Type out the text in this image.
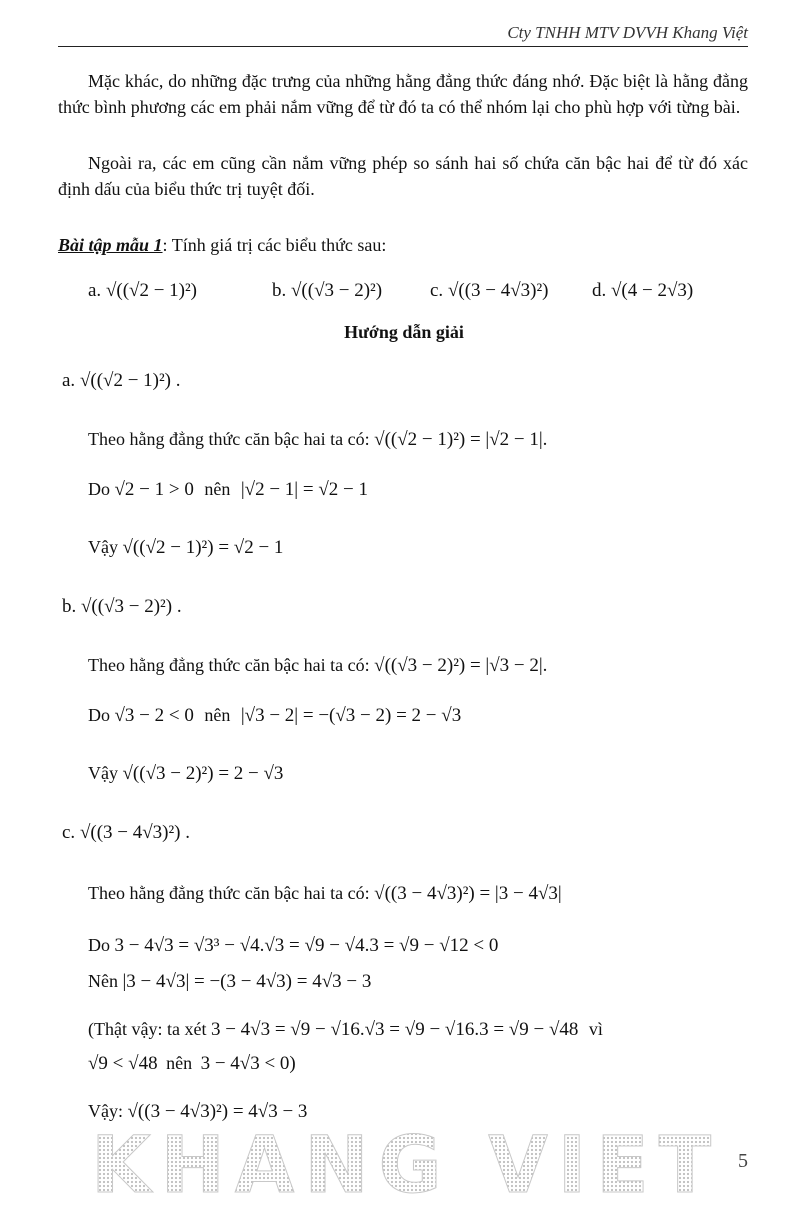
Cty TNHH MTV DVVH Khang Việt
Mặc khác, do những đặc trưng của những hằng đẳng thức đáng nhớ. Đặc biệt là hằng đẳng thức bình phương các em phải nắm vững để từ đó ta có thể nhóm lại cho phù hợp với từng bài.
Ngoài ra, các em cũng cần nắm vững phép so sánh hai số chứa căn bậc hai để từ đó xác định dấu của biểu thức trị tuyệt đối.
Bài tập mẫu 1: Tính giá trị các biểu thức sau:
a. √((√2 − 1)²)	b. √((√3 − 2)²)	c. √((3 − 4√3)²) d. √(4 − 2√3)
Hướng dẫn giải
a. √((√2 − 1)²) .
Theo hằng đẳng thức căn bậc hai ta có: √((√2 − 1)²) = |√2 − 1|.
Do √2 − 1 > 0 nên |√2 − 1| = √2 − 1
Vậy √((√2 − 1)²) = √2 − 1
b. √((√3 − 2)²) .
Theo hằng đẳng thức căn bậc hai ta có: √((√3 − 2)²) = |√3 − 2|.
Do √3 − 2 < 0 nên |√3 − 2| = −(√3 − 2) = 2 − √3
Vậy √((√3 − 2)²) = 2 − √3
c. √((3 − 4√3)²) .
Theo hằng đẳng thức căn bậc hai ta có: √((3 − 4√3)²) = |3 − 4√3|
Do 3 − 4√3 = √3³ − √4.√3 = √9 − √4.3 = √9 − √12 < 0
Nên |3 − 4√3| = −(3 − 4√3) = 4√3 − 3
(Thật vậy: ta xét 3 − 4√3 = √9 − √16.√3 = √9 − √16.3 = √9 − √48 vì
√9 < √48 nên 3 − 4√3 < 0)
Vậy: √((3 − 4√3)²) = 4√3 − 3
KHANG VIET 5
